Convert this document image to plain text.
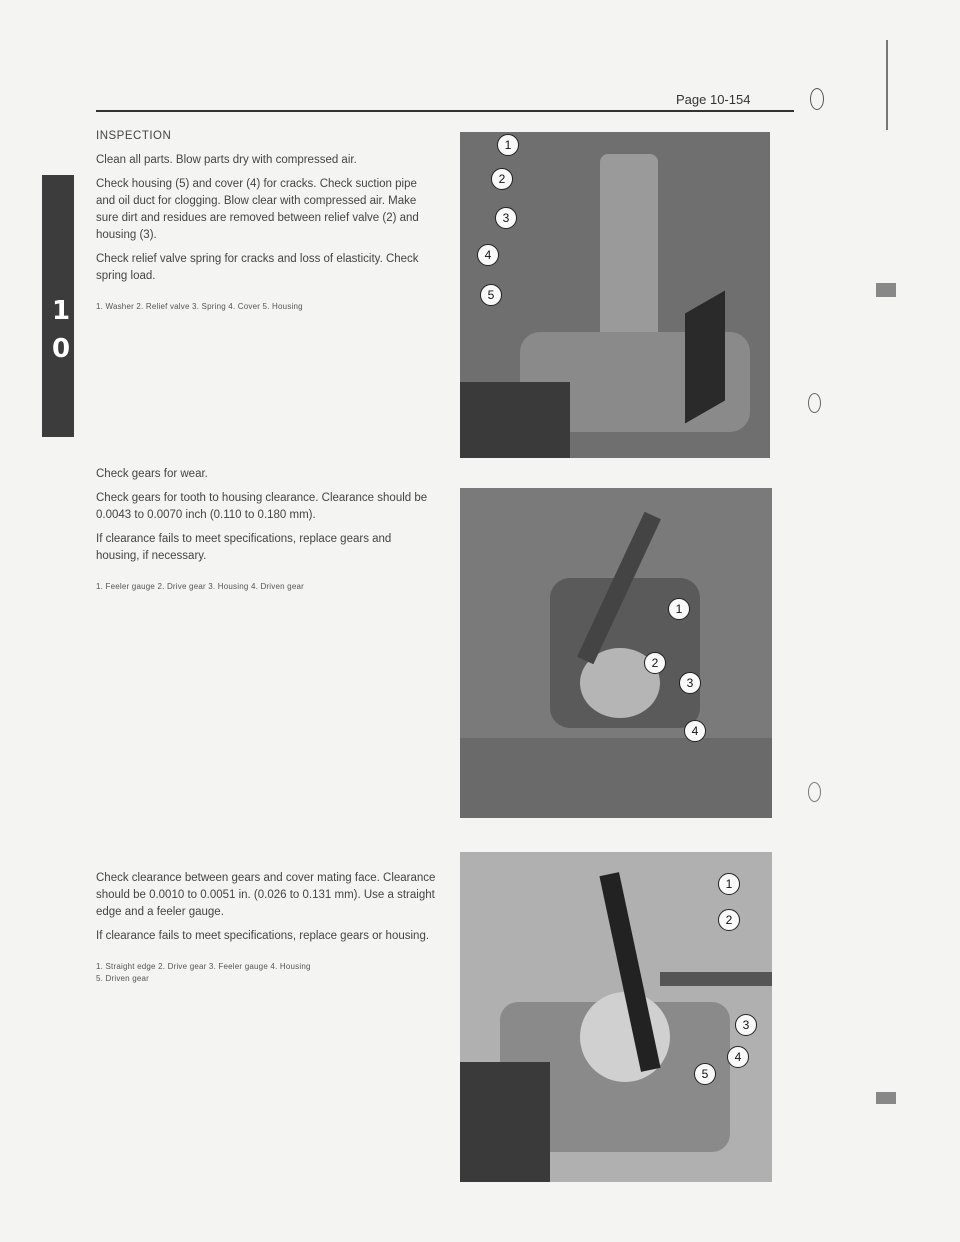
Page 10-154
1
0

INSPECTION

Clean all parts. Blow parts dry with compressed air.

Check housing (5) and cover (4) for cracks. Check suction pipe and oil duct for clogging. Blow clear with compressed air. Make sure dirt and residues are removed between relief valve (2) and housing (3).

Check relief valve spring for cracks and loss of elasticity. Check spring load.

1. Washer 2. Relief valve 3. Spring 4. Cover 5. Housing

1
2
3
4
5

Check gears for wear.

Check gears for tooth to housing clearance. Clearance should be 0.0043 to 0.0070 inch (0.110 to 0.180 mm).

If clearance fails to meet specifications, replace gears and housing, if necessary.

1. Feeler gauge 2. Drive gear 3. Housing 4. Driven gear

1
2
3
4

Check clearance between gears and cover mating face. Clearance should be 0.0010 to 0.0051 in. (0.026 to 0.131 mm). Use a straight edge and a feeler gauge.

If clearance fails to meet specifications, replace gears or housing.

1. Straight edge 2. Drive gear 3. Feeler gauge 4. Housing

5. Driven gear

1
2
3
4
5
